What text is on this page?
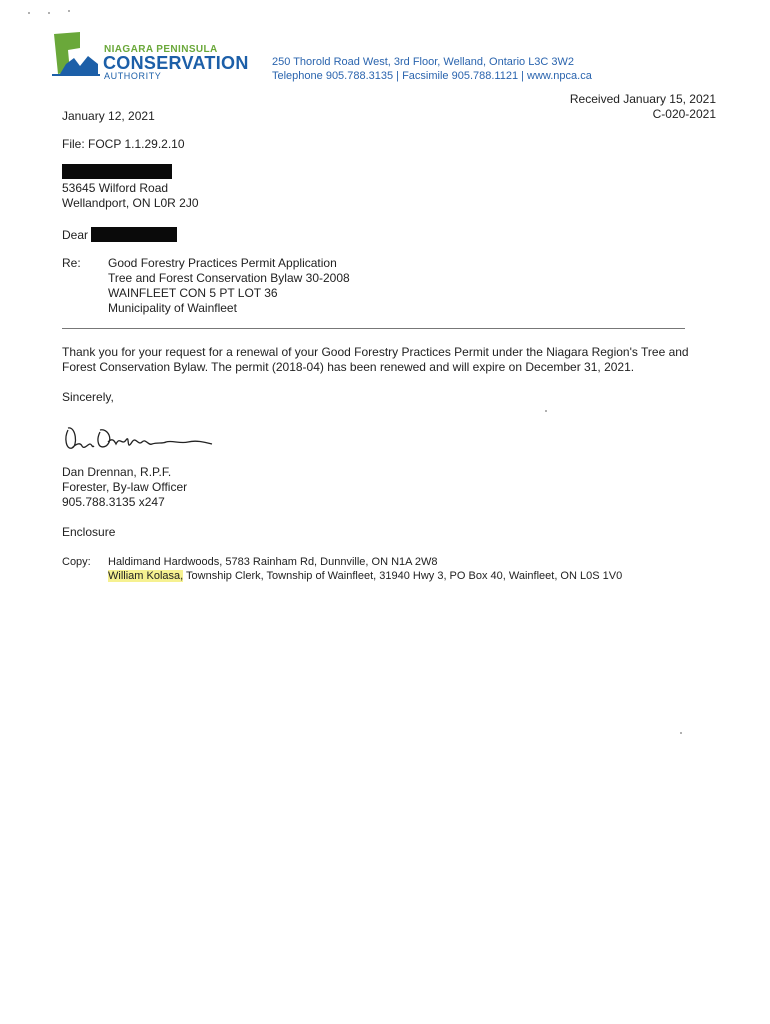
NIAGARA PENINSULA
CONSERVATION
AUTHORITY
250 Thorold Road West, 3rd Floor, Welland, Ontario L3C 3W2
Telephone 905.788.3135 | Facsimile 905.788.1121 | www.npca.ca
January 12, 2021
Received January 15, 2021
C-020-2021
File: FOCP 1.1.29.2.10
53645 Wilford Road
Wellandport, ON L0R 2J0
Dear
Re: Good Forestry Practices Permit Application
Tree and Forest Conservation Bylaw 30-2008
WAINFLEET CON 5 PT LOT 36
Municipality of Wainfleet
Thank you for your request for a renewal of your Good Forestry Practices Permit under the Niagara Region's Tree and Forest Conservation Bylaw. The permit (2018-04) has been renewed and will expire on December 31, 2021.
Sincerely,
Dan Drennan, R.P.F.
Forester, By-law Officer
905.788.3135 x247
Enclosure
Copy: Haldimand Hardwoods, 5783 Rainham Rd, Dunnville, ON N1A 2W8
William Kolasa, Township Clerk, Township of Wainfleet, 31940 Hwy 3, PO Box 40, Wainfleet, ON L0S 1V0
